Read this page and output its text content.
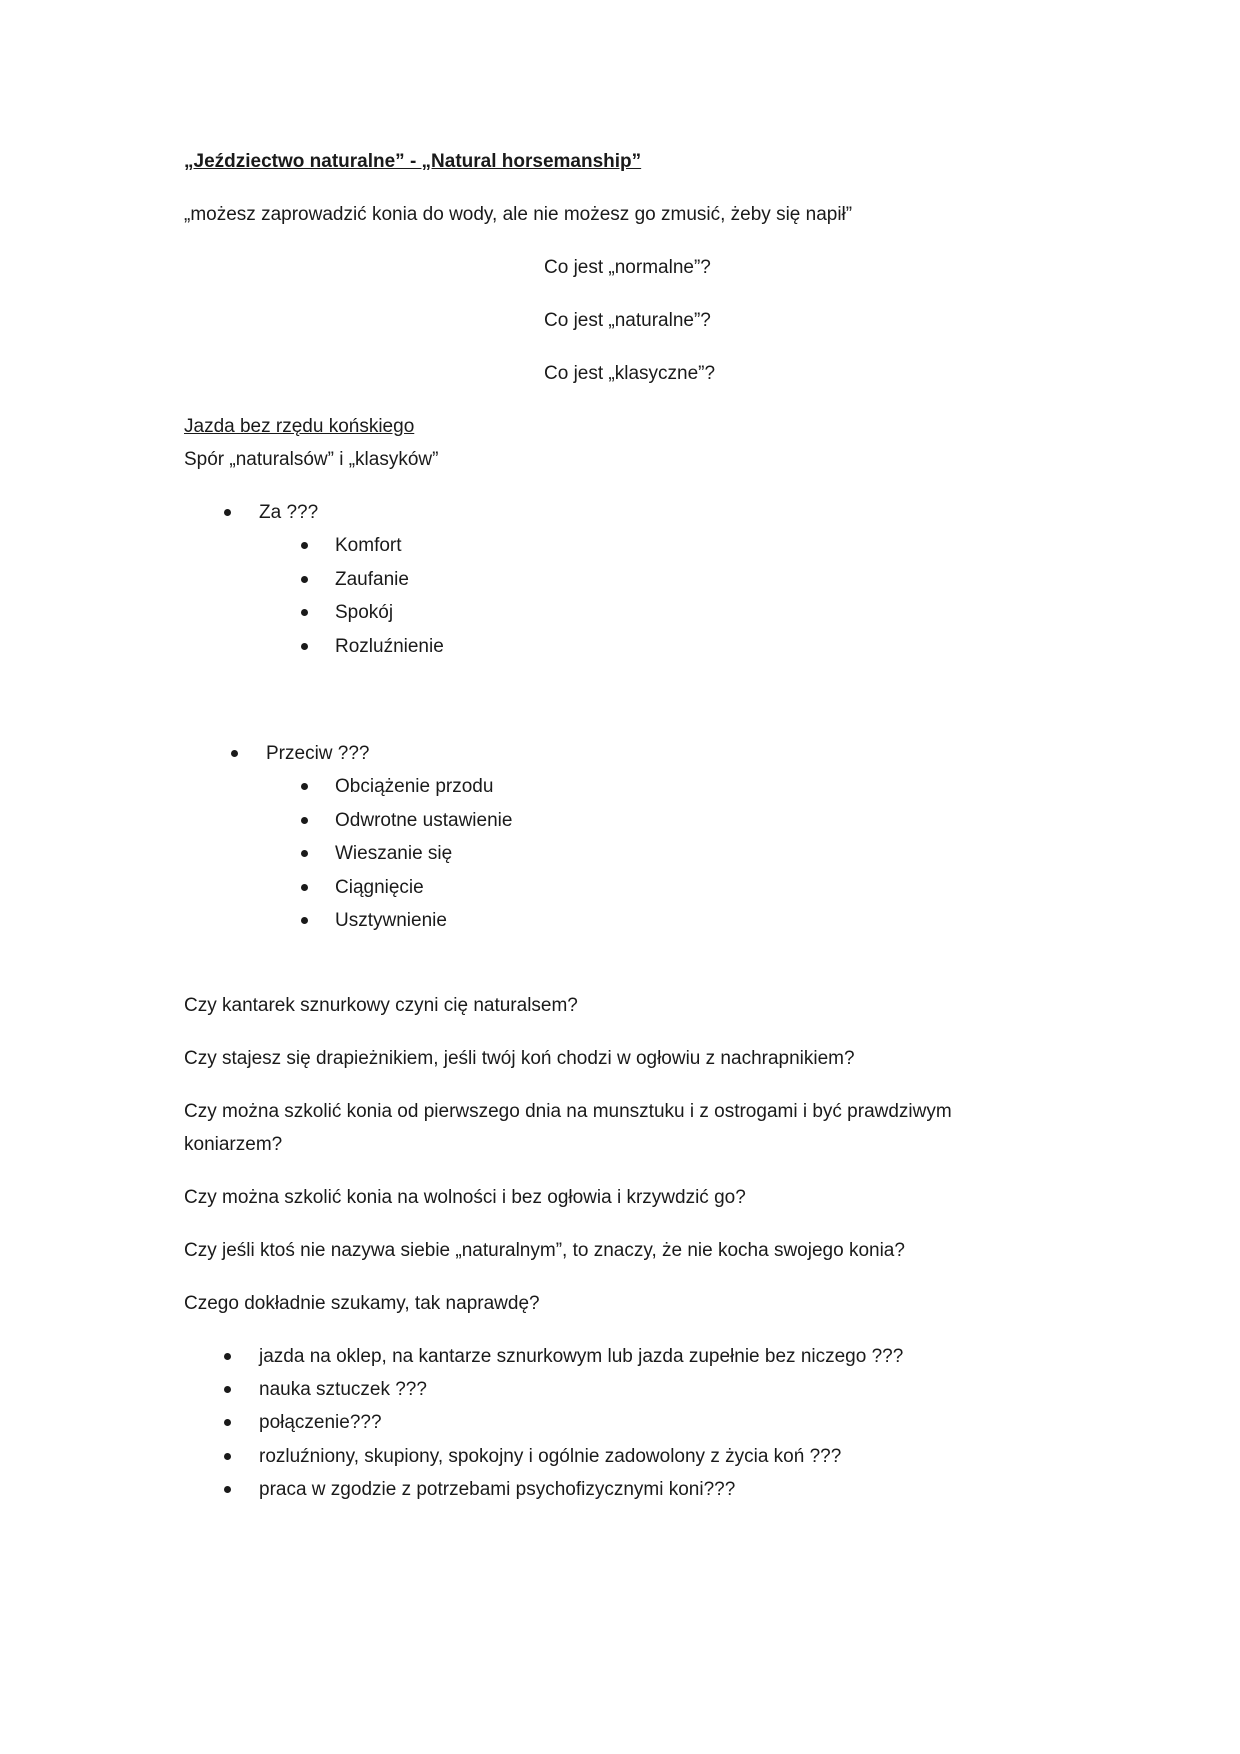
„Jeździectwo naturalne” - „Natural horsemanship”
„możesz zaprowadzić konia do wody, ale nie możesz go zmusić, żeby się napił”
Co jest „normalne”?
Co jest „naturalne”?
Co jest „klasyczne”?
Jazda bez rzędu końskiego
Spór „naturalsów” i „klasyków”
Za ???
Komfort
Zaufanie
Spokój
Rozluźnienie
Przeciw ???
Obciążenie przodu
Odwrotne ustawienie
Wieszanie się
Ciągnięcie
Usztywnienie
Czy kantarek sznurkowy czyni cię naturalsem?
Czy stajesz się drapieżnikiem, jeśli twój koń chodzi w ogłowiu z nachrapnikiem?
Czy można szkolić konia od pierwszego dnia na munsztuku i z ostrogami i być prawdziwym
koniarzem?
Czy można szkolić konia na wolności i bez ogłowia i krzywdzić go?
Czy jeśli ktoś nie nazywa siebie „naturalnym”, to znaczy, że nie kocha swojego konia?
Czego dokładnie szukamy, tak naprawdę?
jazda na oklep, na kantarze sznurkowym lub jazda zupełnie bez niczego ???
nauka sztuczek ???
połączenie???
rozluźniony, skupiony, spokojny i ogólnie zadowolony z życia koń ???
praca w zgodzie z potrzebami psychofizycznymi koni???
